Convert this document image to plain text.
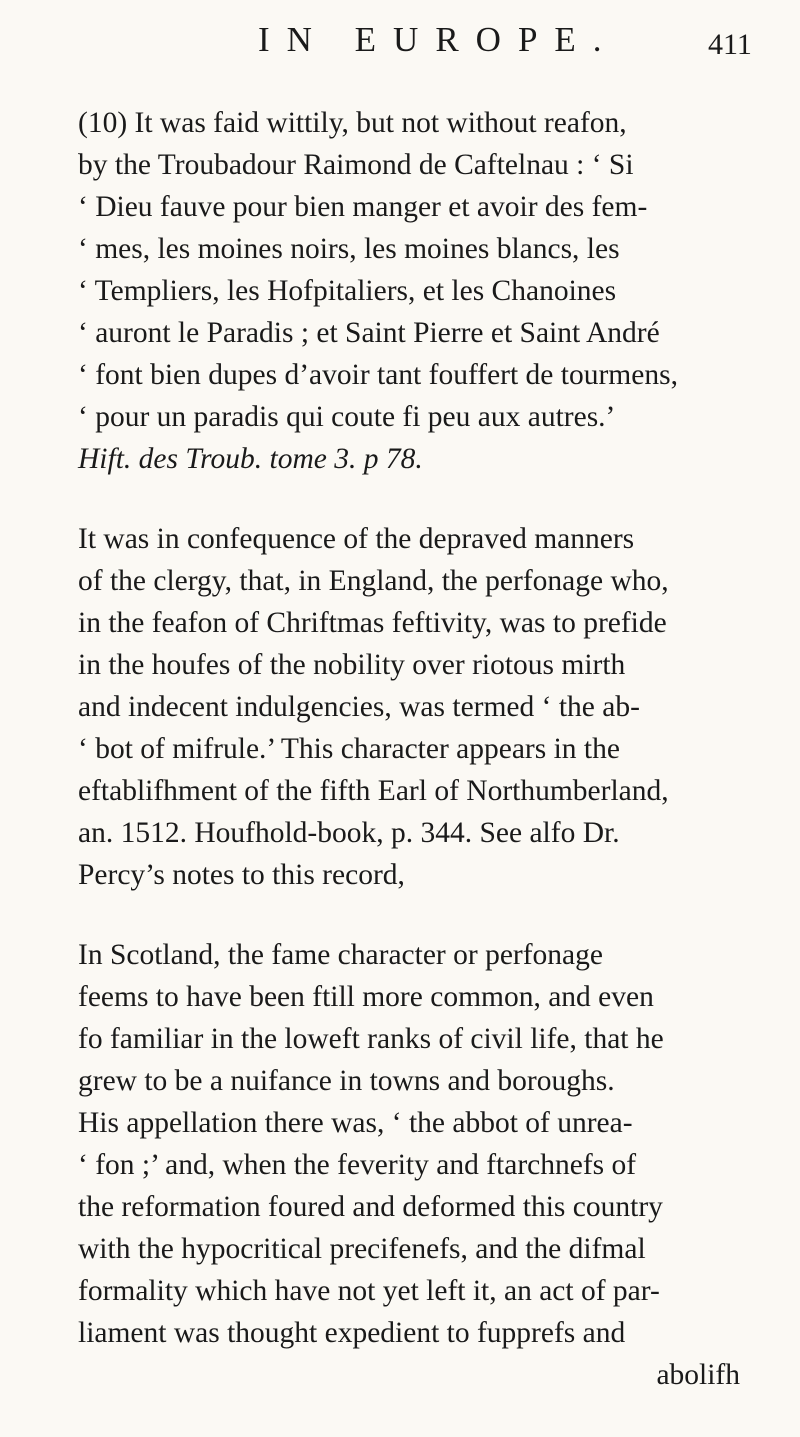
IN EUROPE.	411
(10) It was faid wittily, but not without reafon,
by the Troubadour Raimond de Caftelnau : ‘ Si
‘ Dieu fauve pour bien manger et avoir des fem-
‘ mes, les moines noirs, les moines blancs, les
‘ Templiers, les Hofpitaliers, et les Chanoines
‘ auront le Paradis ; et Saint Pierre et Saint André
‘ font bien dupes d’avoir tant fouffert de tourmens,
‘ pour un paradis qui coute fi peu aux autres.’
Hift. des Troub. tome 3. p 78.
It was in confequence of the depraved manners
of the clergy, that, in England, the perfonage who,
in the feafon of Chriftmas feftivity, was to prefide
in the houfes of the nobility over riotous mirth
and indecent indulgencies, was termed ‘ the ab-
‘ bot of mifrule.’ This character appears in the
eftablifhment of the fifth Earl of Northumberland,
an. 1512. Houfhold-book, p. 344. See alfo Dr.
Percy’s notes to this record,
In Scotland, the fame character or perfonage
feems to have been ftill more common, and even
fo familiar in the loweft ranks of civil life, that he
grew to be a nuifance in towns and boroughs.
His appellation there was, ‘ the abbot of unrea-
‘ fon ;’ and, when the feverity and ftarchnefs of
the reformation foured and deformed this country
with the hypocritical precifenefs, and the difmal
formality which have not yet left it, an act of par-
liament was thought expedient to fupprefs and
abolifh
